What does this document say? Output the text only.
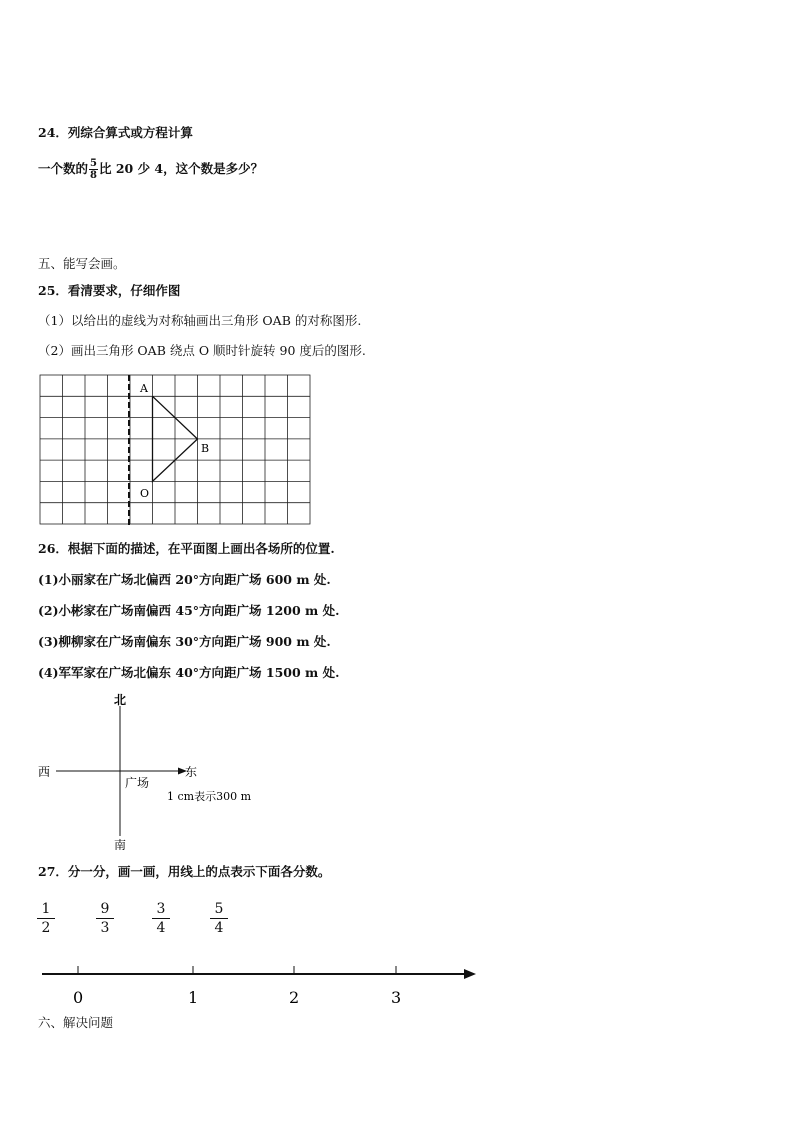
24．列综合算式或方程计算
一个数的 $\frac{5}{8}$ 比 20 少 4，这个数是多少？
五、能写会画。
25．看清要求，仔细作图
（1）以给出的虚线为对称轴画出三角形 OAB 的对称图形.
（2）画出三角形 OAB 绕点 O 顺时针旋转 90 度后的图形.
A
B
O
26．根据下面的描述，在平面图上画出各场所的位置.
(1)小丽家在广场北偏西 20°方向距广场 600 m 处.
(2)小彬家在广场南偏西 45°方向距广场 1200 m 处.
(3)柳柳家在广场南偏东 30°方向距广场 900 m 处.
(4)军军家在广场北偏东 40°方向距广场 1500 m 处.
北
南
西	东
广场
1 cm表示300 m
27．分一分，画一画，用线上的点表示下面各分数。
$\frac{1}{2}$	$\frac{9}{3}$	$\frac{3}{4}$	$\frac{5}{4}$
0	1	2	3
六、解决问题
